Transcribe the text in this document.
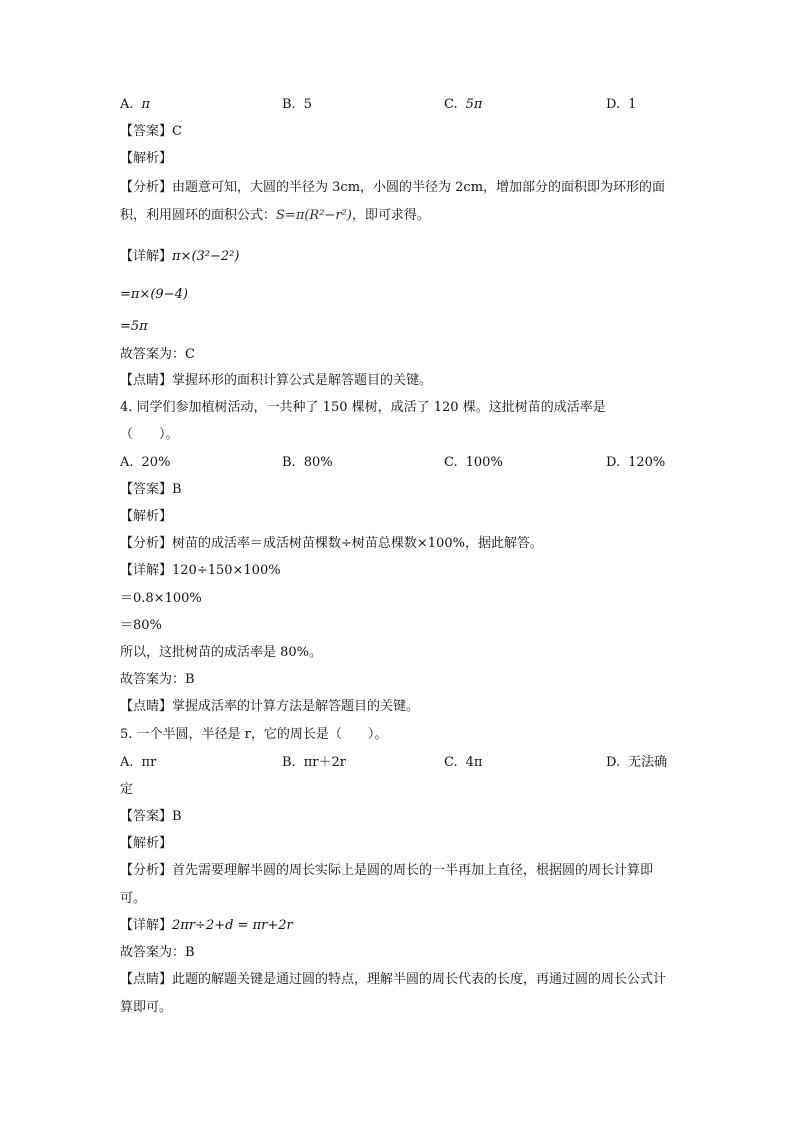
A. π	B. 5	C. 5π	D. 1
【答案】C
【解析】
【分析】由题意可知，大圆的半径为 3cm，小圆的半径为 2cm，增加部分的面积即为环形的面积，利用圆环的面积公式：S=π(R²−r²)，即可求得。
【详解】π×(3²−2²)
=π×(9−4)
=5π
故答案为：C
【点睛】掌握环形的面积计算公式是解答题目的关键。
4. 同学们参加植树活动，一共种了 150 棵树，成活了 120 棵。这批树苗的成活率是
（　　）。
A. 20%	B. 80%	C. 100%	D. 120%
【答案】B
【解析】
【分析】树苗的成活率＝成活树苗棵数÷树苗总棵数×100%，据此解答。
【详解】120÷150×100%
＝0.8×100%
＝80%
所以，这批树苗的成活率是 80%。
故答案为：B
【点睛】掌握成活率的计算方法是解答题目的关键。
5. 一个半圆，半径是 r，它的周长是（　　）。
A. πr	B. πr＋2r	C. 4π	D. 无法确
定
【答案】B
【解析】
【分析】首先需要理解半圆的周长实际上是圆的周长的一半再加上直径，根据圆的周长计算即可。
【详解】2πr÷2+d = πr+2r
故答案为：B
【点睛】此题的解题关键是通过圆的特点，理解半圆的周长代表的长度，再通过圆的周长公式计算即可。
